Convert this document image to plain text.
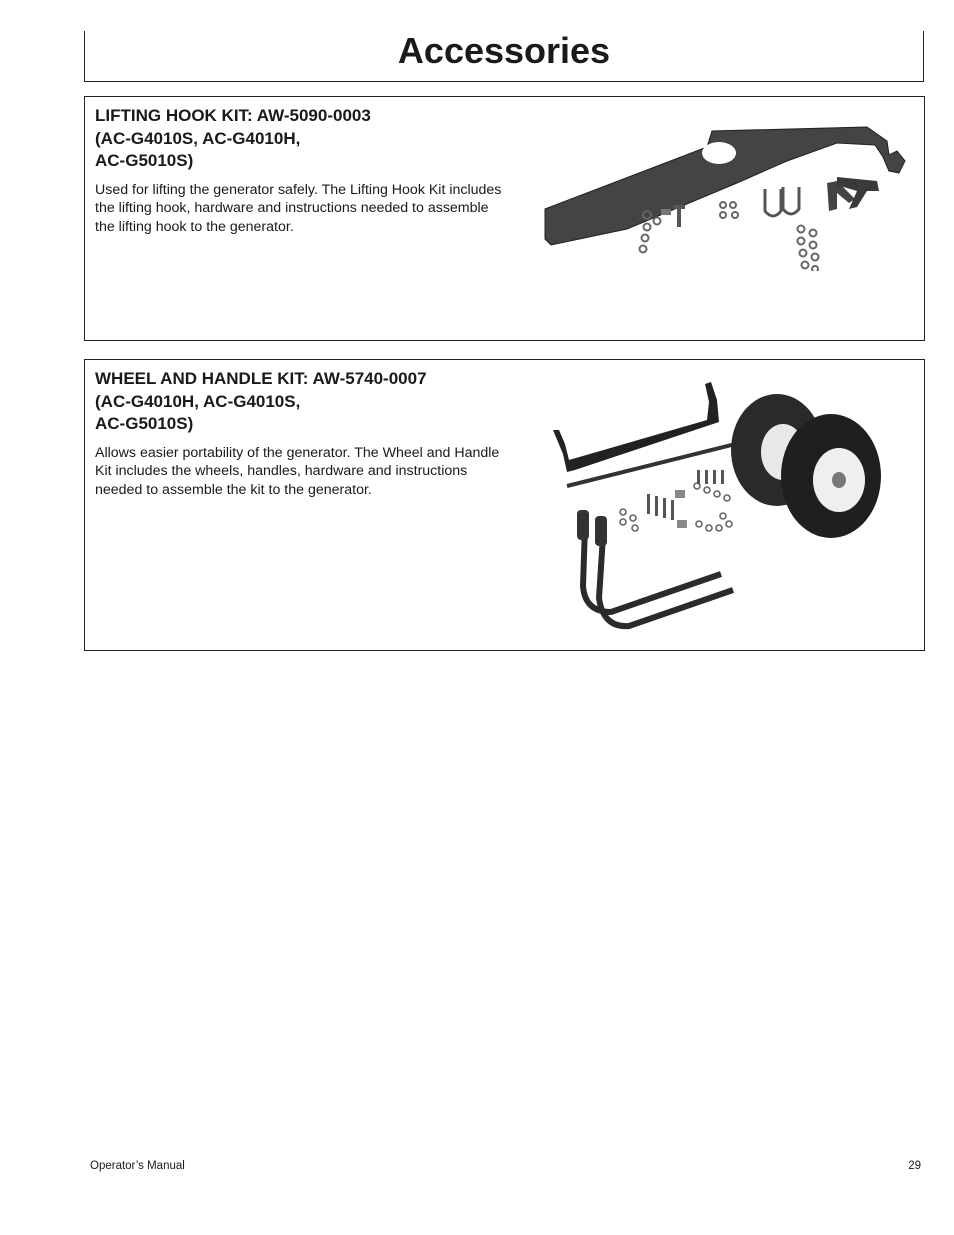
Accessories
LIFTING HOOK KIT: AW-5090-0003
(AC-G4010S, AC-G4010H,
AC-G5010S)

Used for lifting the generator safely. The Lifting Hook Kit includes the lifting hook, hardware and instructions needed to assemble the lifting hook to the generator.

WHEEL AND HANDLE KIT: AW-5740-0007
(AC-G4010H, AC-G4010S,
AC-G5010S)

Allows easier portability of the generator. The Wheel and Handle Kit includes the wheels, handles, hardware and instructions needed to assemble the kit to the generator.

Operator’s Manual	29
